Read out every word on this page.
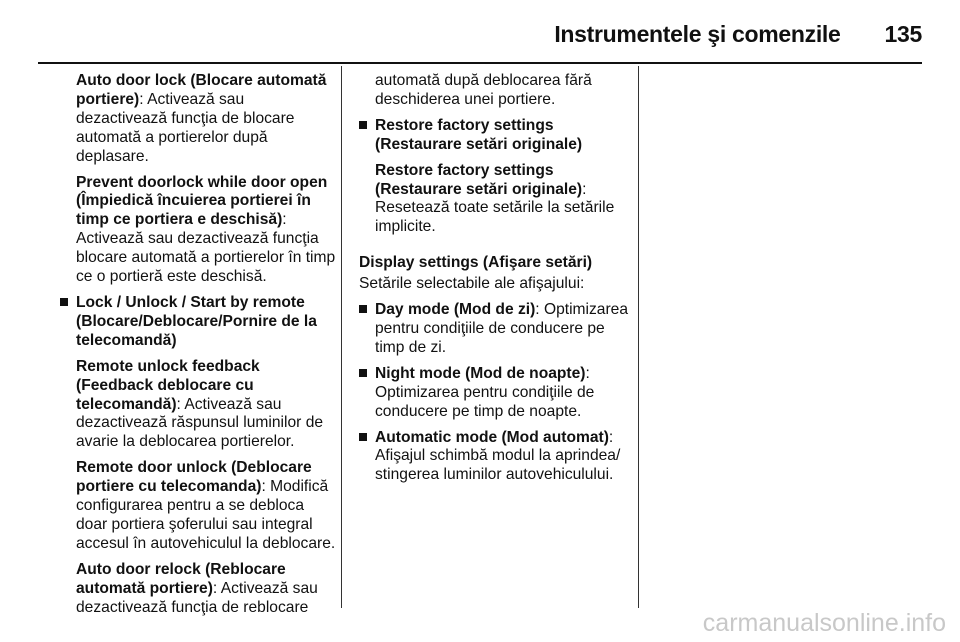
Instrumentele şi comenzile 135

Auto door lock (Blocare automată portiere): Activează sau dezactivează funcţia de blocare automată a portierelor după deplasare.

Prevent doorlock while door open (Împiedică încuierea portierei în timp ce portiera e deschisă): Activează sau dezactivează funcţia blocare automată a portierelor în timp ce o portieră este deschisă.

Lock / Unlock / Start by remote (Blocare/Deblocare/Pornire de la telecomandă)

Remote unlock feedback (Feedback deblocare cu telecomandă): Activează sau dezactivează răspunsul luminilor de avarie la deblocarea portierelor.

Remote door unlock (Deblocare portiere cu telecomanda): Modifică configurarea pentru a se debloca doar portiera şoferului sau integral accesul în autovehiculul la deblocare.

Auto door relock (Reblocare automată portiere): Activează sau dezactivează funcţia de reblocare

automată după deblocarea fără deschiderea unei portiere.

Restore factory settings (Restaurare setări originale)

Restore factory settings (Restaurare setări originale): Resetează toate setările la setările implicite.

Display settings (Afişare setări)

Setările selectabile ale afişajului:

Day mode (Mod de zi): Optimizarea pentru condiţiile de conducere pe timp de zi.
Night mode (Mod de noapte): Optimizarea pentru condiţiile de conducere pe timp de noapte.
Automatic mode (Mod automat): Afişajul schimbă modul la aprindea/ stingerea luminilor autovehiculului.
carmanualsonline.info
